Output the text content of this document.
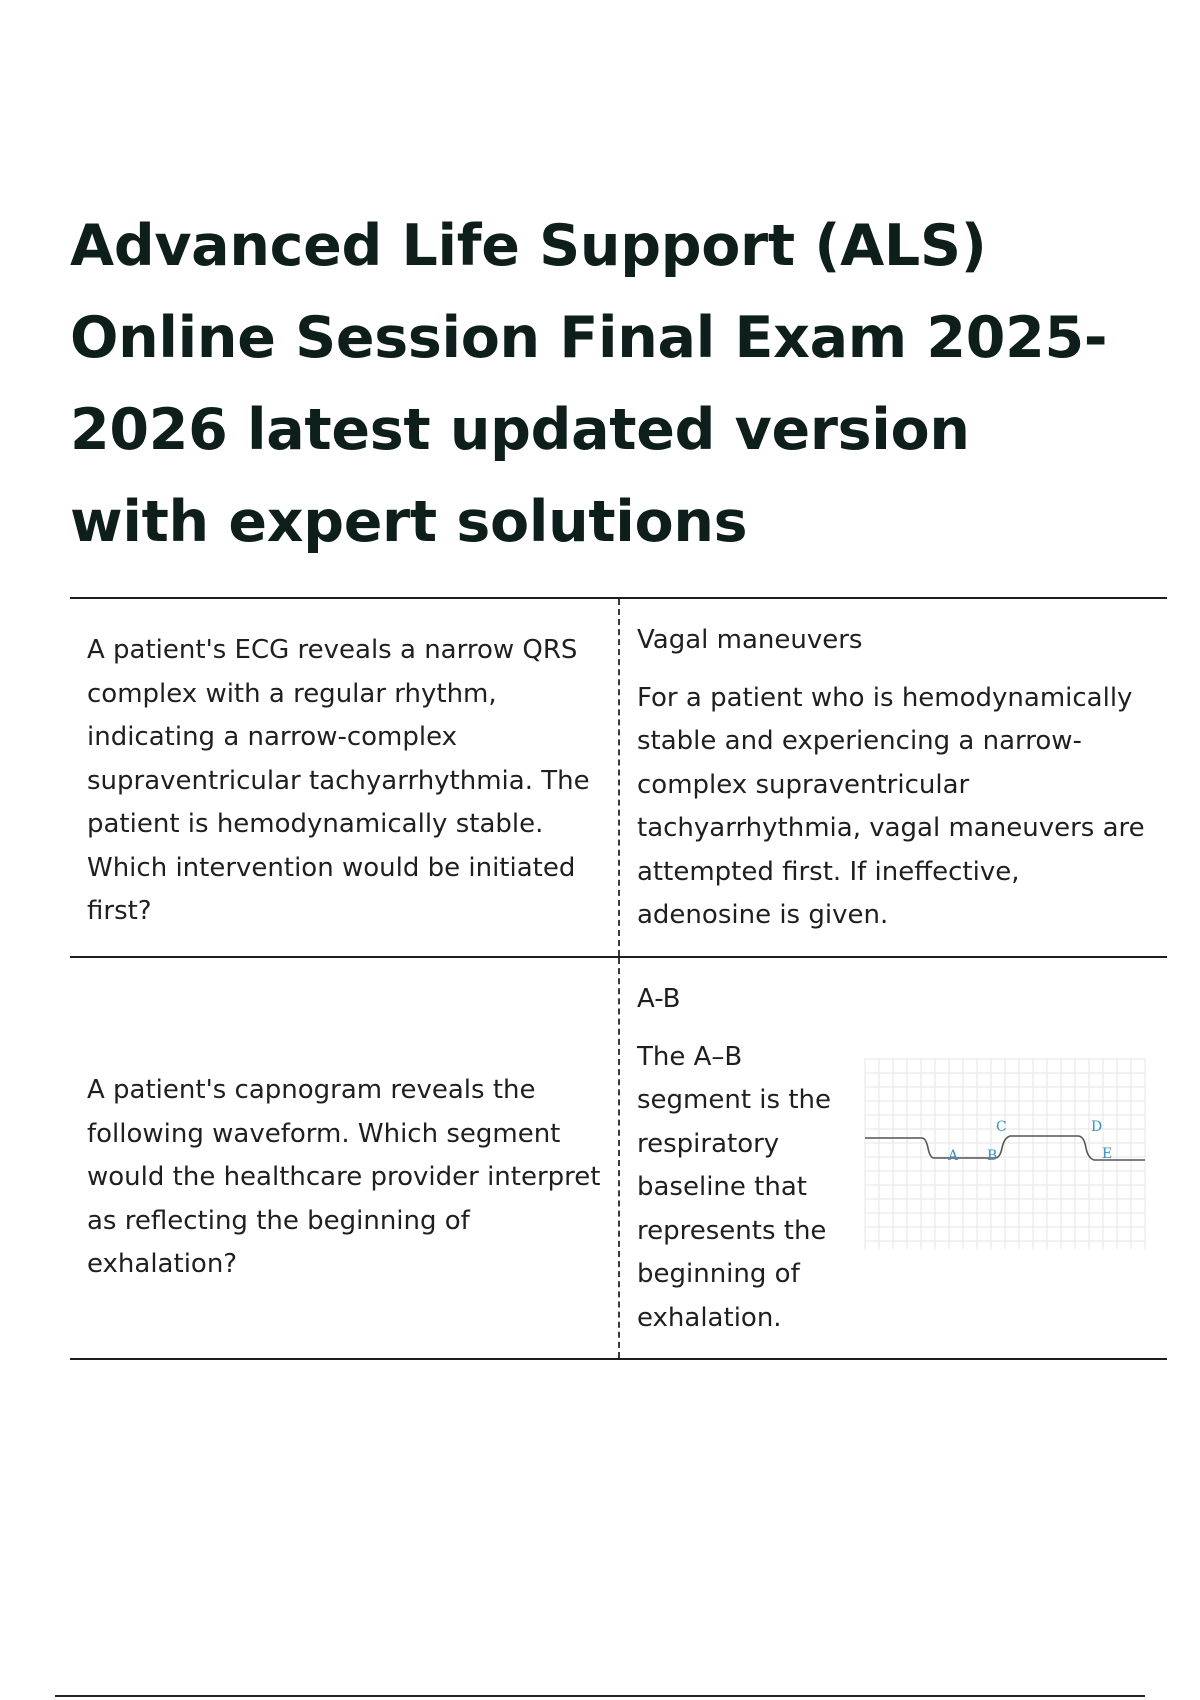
Advanced Life Support (ALS)
Online Session Final Exam 2025-
2026 latest updated version
with expert solutions
A patient's ECG reveals a narrow QRS complex with a regular rhythm, indicating a narrow-complex supraventricular tachyarrhythmia. The patient is hemodynamically stable. Which intervention would be initiated first?
Vagal maneuvers
For a patient who is hemodynamically stable and experiencing a narrow-complex supraventricular tachyarrhythmia, vagal maneuvers are attempted first. If ineffective, adenosine is given.
A patient's capnogram reveals the following waveform. Which segment would the healthcare provider interpret as reflecting the beginning of exhalation?
A-B
The A–B segment is the respiratory baseline that represents the beginning of exhalation.
A B
C	D
E
